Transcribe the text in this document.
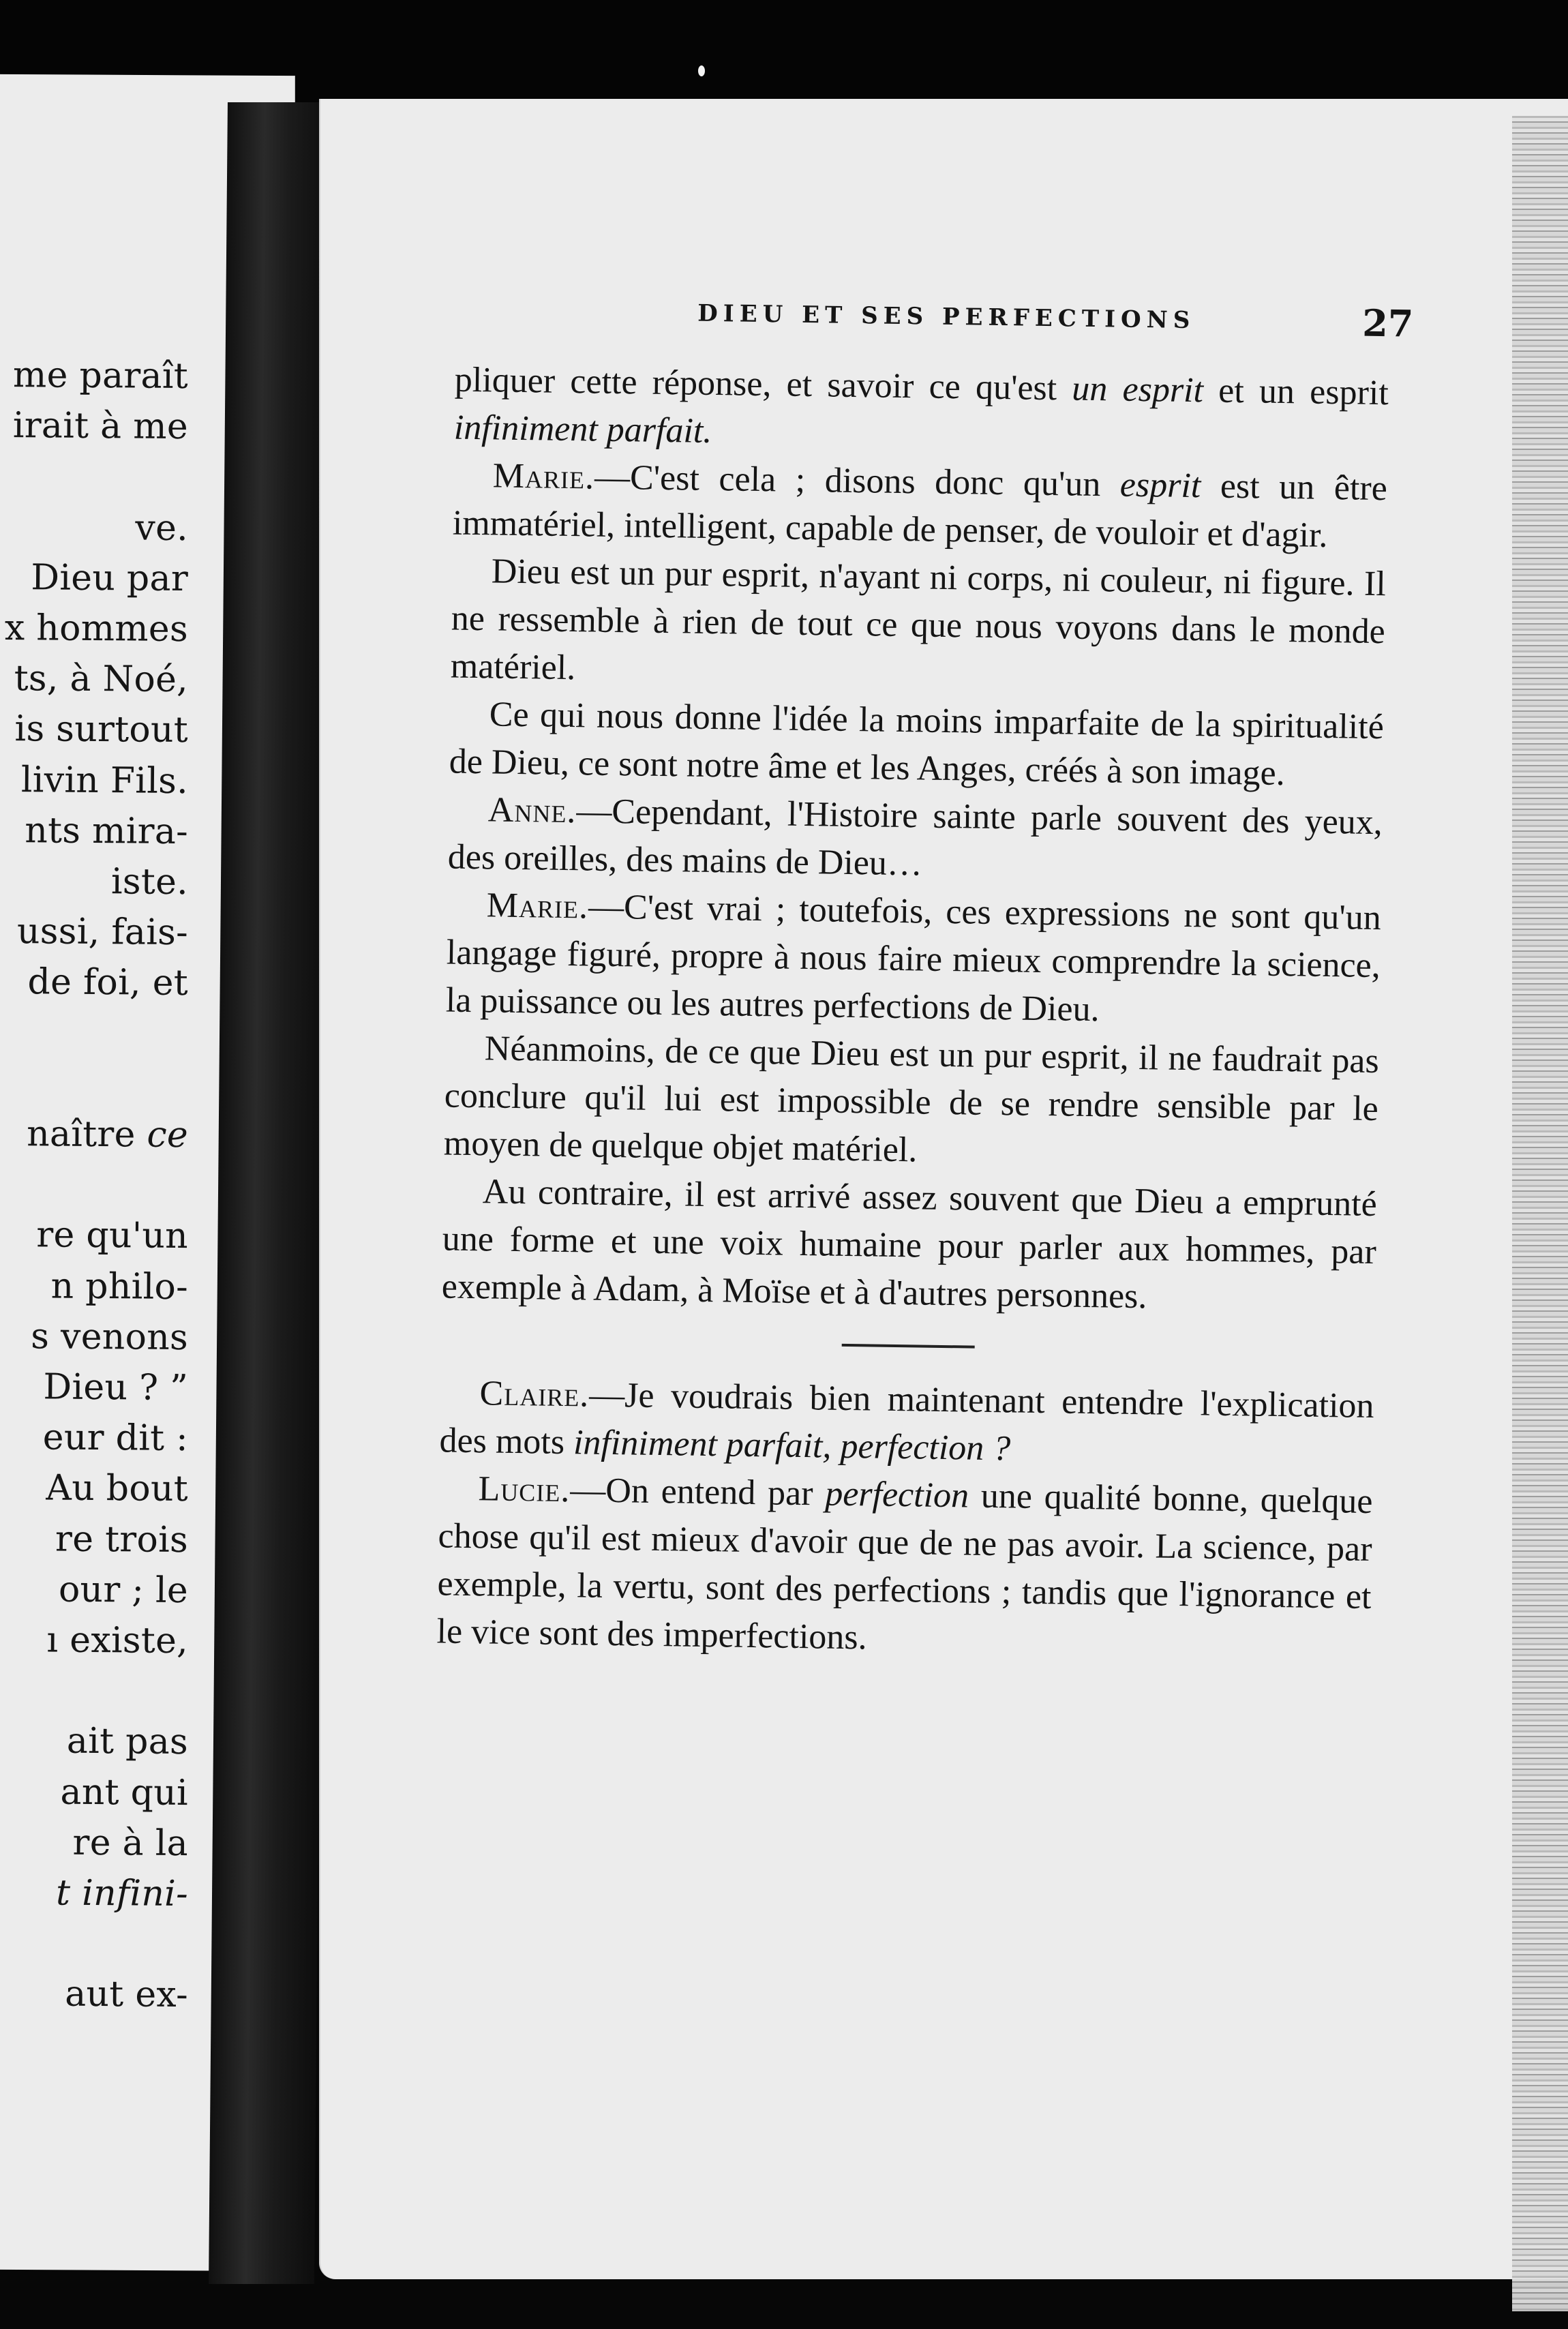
DIEU ET SES PERFECTIONS	27

pliquer cette réponse, et savoir ce qu'est un esprit et un esprit infiniment parfait.

Marie.—C'est cela ; disons donc qu'un esprit est un être immatériel, intelligent, capable de penser, de vouloir et d'agir.

Dieu est un pur esprit, n'ayant ni corps, ni couleur, ni figure. Il ne ressemble à rien de tout ce que nous voyons dans le monde matériel.

Ce qui nous donne l'idée la moins imparfaite de la spiritualité de Dieu, ce sont notre âme et les Anges, créés à son image.

Anne.—Cependant, l'Histoire sainte parle souvent des yeux, des oreilles, des mains de Dieu…

Marie.—C'est vrai ; toutefois, ces expressions ne sont qu'un langage figuré, propre à nous faire mieux comprendre la science, la puissance ou les autres perfections de Dieu.

Néanmoins, de ce que Dieu est un pur esprit, il ne faudrait pas conclure qu'il lui est impossible de se rendre sensible par le moyen de quelque objet matériel.

Au contraire, il est arrivé assez souvent que Dieu a emprunté une forme et une voix humaine pour parler aux hommes, par exemple à Adam, à Moïse et à d'autres personnes.

Claire.—Je voudrais bien maintenant entendre l'explication des mots infiniment parfait, perfection ?

Lucie.—On entend par perfection une qualité bonne, quelque chose qu'il est mieux d'avoir que de ne pas avoir. La science, par exemple, la vertu, sont des perfections ; tandis que l'ignorance et le vice sont des imperfections.

me paraît
irait à me
ve.
Dieu par
x hommes
ts, à Noé,
is surtout
livin Fils.
nts mira-
iste.
ussi, fais-
de foi, et
naître ce
re qu'un
n philo-
s venons
Dieu ? ”
eur dit :
Au bout
re trois
our ; le
ı existe,
ait pas
ant qui
re à la
t infini-
aut ex-
